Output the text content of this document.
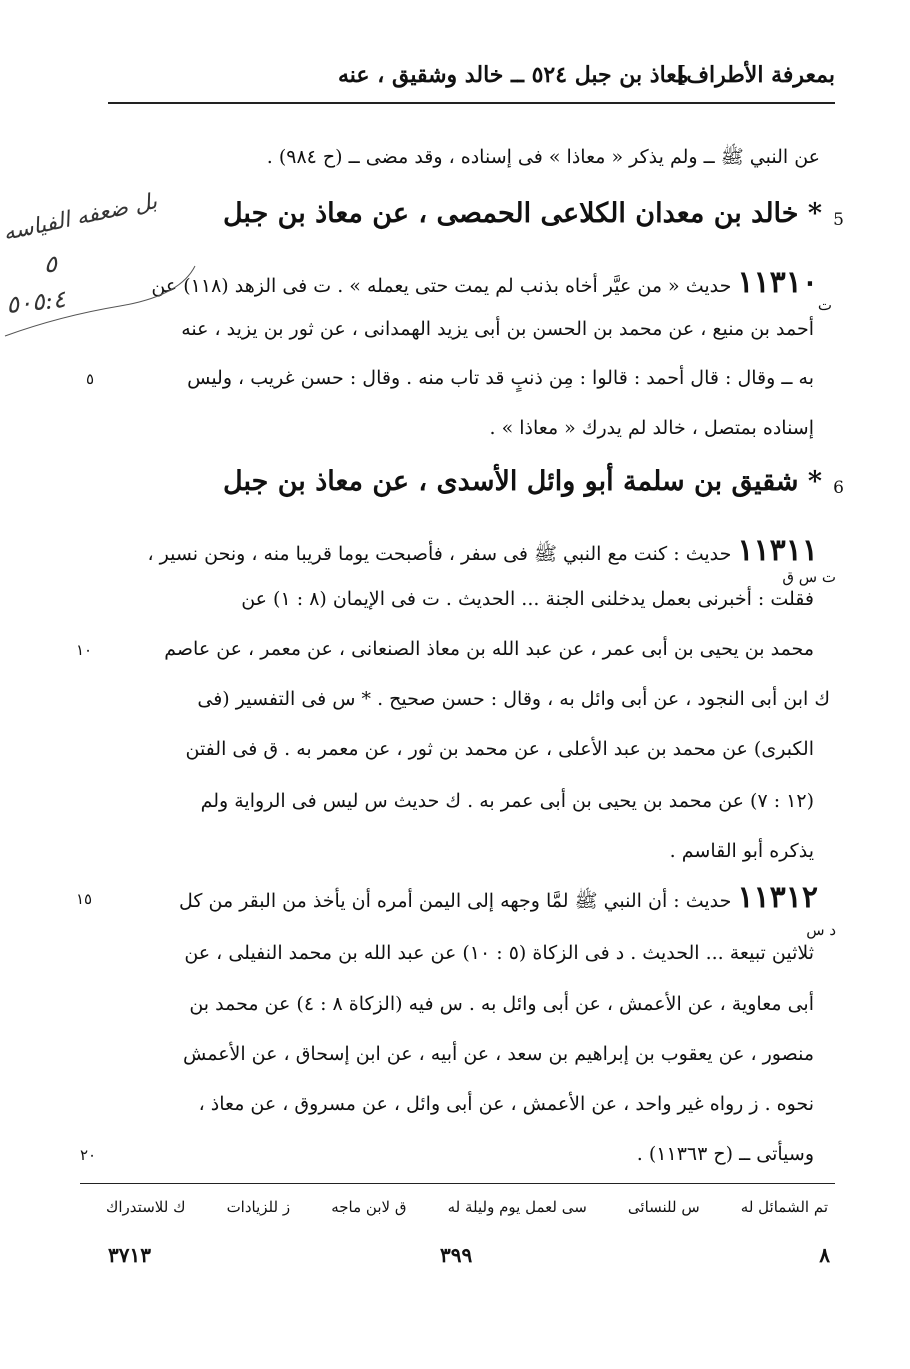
بمعرفة الأطراف]
معاذ بن جبل ٥٢٤ ــ خالد وشقيق ، عنه
عن النبي ﷺ ــ ولم يذكر « معاذا » فى إسناده ، وقد مضى ــ (ح ٩٨٤) .
5
* خالد بن معدان الكلاعى الحمصى ، عن معاذ بن جبل
١١٣١٠ حديث « من عيَّر أخاه بذنب لم يمت حتى يعمله » . ت فى الزهد (١١٨) عن
ت
أحمد بن منيع ، عن محمد بن الحسن بن أبى يزيد الهمدانى ، عن ثور بن يزيد ، عنه
به ــ وقال : قال أحمد : قالوا : مِن ذنبٍ قد تاب منه . وقال : حسن غريب ، وليس
٥
إسناده بمتصل ، خالد لم يدرك « معاذا » .
6
* شقيق بن سلمة أبو وائل الأسدى ، عن معاذ بن جبل
١١٣١١ حديث : كنت مع النبي ﷺ فى سفر ، فأصبحت يوما قريبا منه ، ونحن نسير ،
ت س ق
فقلت : أخبرنى بعمل يدخلنى الجنة ... الحديث . ت فى الإيمان (٨ : ١) عن
محمد بن يحيى بن أبى عمر ، عن عبد الله بن معاذ الصنعانى ، عن معمر ، عن عاصم
١٠
ك ابن أبى النجود ، عن أبى وائل به ، وقال : حسن صحيح . * س فى التفسير (فى
الكبرى) عن محمد بن عبد الأعلى ، عن محمد بن ثور ، عن معمر به . ق فى الفتن
(١٢ : ٧) عن محمد بن يحيى بن أبى عمر به . ك حديث س ليس فى الرواية ولم
يذكره أبو القاسم .
١١٣١٢ حديث : أن النبي ﷺ لمَّا وجهه إلى اليمن أمره أن يأخذ من البقر من كل
١٥
د س
ثلاثين تبيعة ... الحديث . د فى الزكاة (٥ : ١٠) عن عبد الله بن محمد النفيلى ، عن
أبى معاوية ، عن الأعمش ، عن أبى وائل به . س فيه (الزكاة ٨ : ٤) عن محمد بن
منصور ، عن يعقوب بن إبراهيم بن سعد ، عن أبيه ، عن ابن إسحاق ، عن الأعمش
نحوه . ز رواه غير واحد ، عن الأعمش ، عن أبى وائل ، عن مسروق ، عن معاذ ،
وسيأتى ــ (ح ١١٣٦٣) .
٢٠
بل ضعفه الفياسه
٥
٥٠٥:٤
تم الشمائل له
س للنسائى
سى لعمل يوم وليلة له
ق لابن ماجه
ز للزيادات
ك للاستدراك
٨
٣٩٩
٣٧١٣
